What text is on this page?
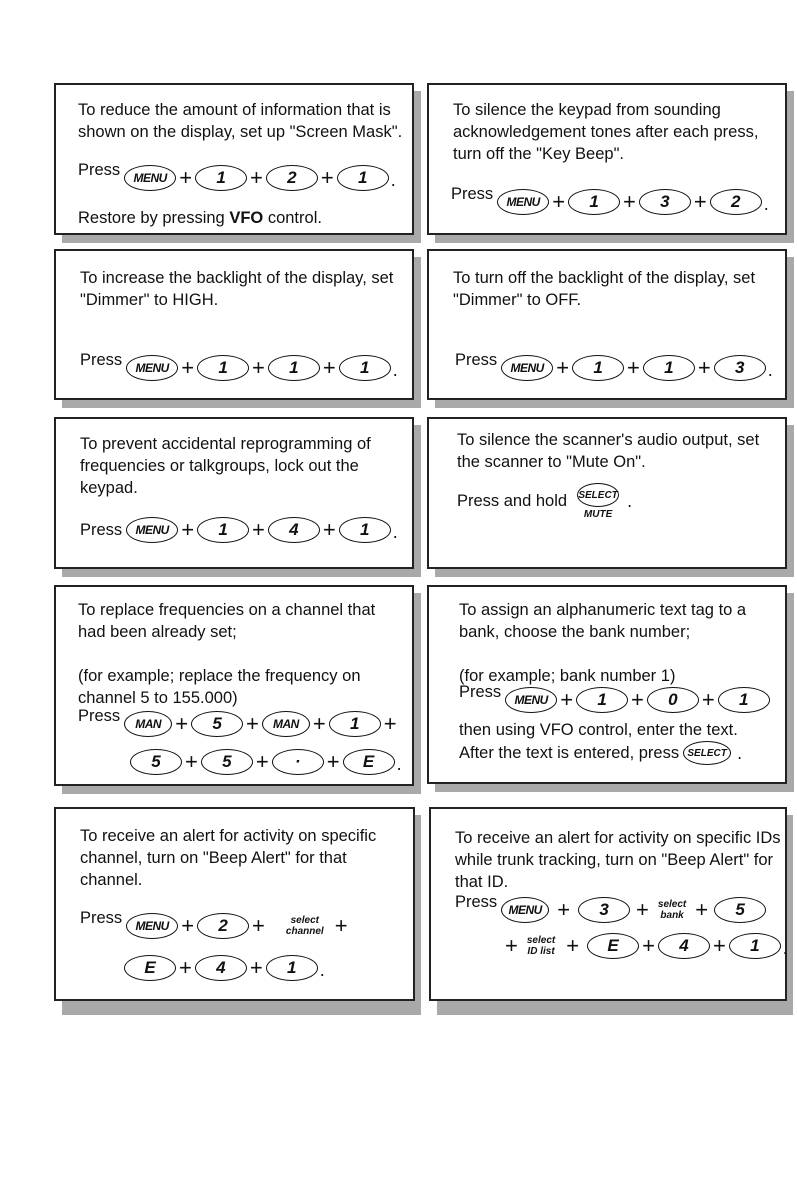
To reduce the amount of information that is shown on the display, set up "Screen Mask".

Press	MENU +	1	+	2	+	1	.

Restore by pressing VFO control.

To silence the keypad from sounding acknowledgement tones after each press, turn off the "Key Beep".

Press	MENU +	1	+	3	+	2	.

To increase the backlight of the display, set "Dimmer" to HIGH.

Press	MENU +	1	+	1	+	1	.

To turn off the backlight of the display, set "Dimmer" to OFF.

Press	MENU +	1	+	1	+	3	.

To prevent accidental reprogramming of frequencies or talkgroups, lock out the keypad.

Press	MENU +	1	+	4	+	1	.

To silence the scanner's audio output, set the scanner to "Mute On".

Press and hold SELECT
MUTE
.

To replace frequencies on a channel that had been already set;

(for example; replace the frequency on channel 5 to 155.000)

Press	MAN +	5	+	MAN +	1	+
5	+	5	+	·	+	E	.

To assign an alphanumeric text tag to a bank, choose the bank number;

(for example; bank number 1)

Press	MENU +	1	+	0	+	1

then using VFO control, enter the text.

After the text is entered, press SELECT .

To receive an alert for activity on specific channel, turn on "Beep Alert" for that channel.

Press	MENU +	2	+	select
channel +
E	+	4	+	1	.

To receive an alert for activity on specific IDs while trunk tracking, turn on "Beep Alert" for that ID.

Press MENU +	3	+ select
bank +	5
+ select
ID list +	E	+	4	+	1	.
